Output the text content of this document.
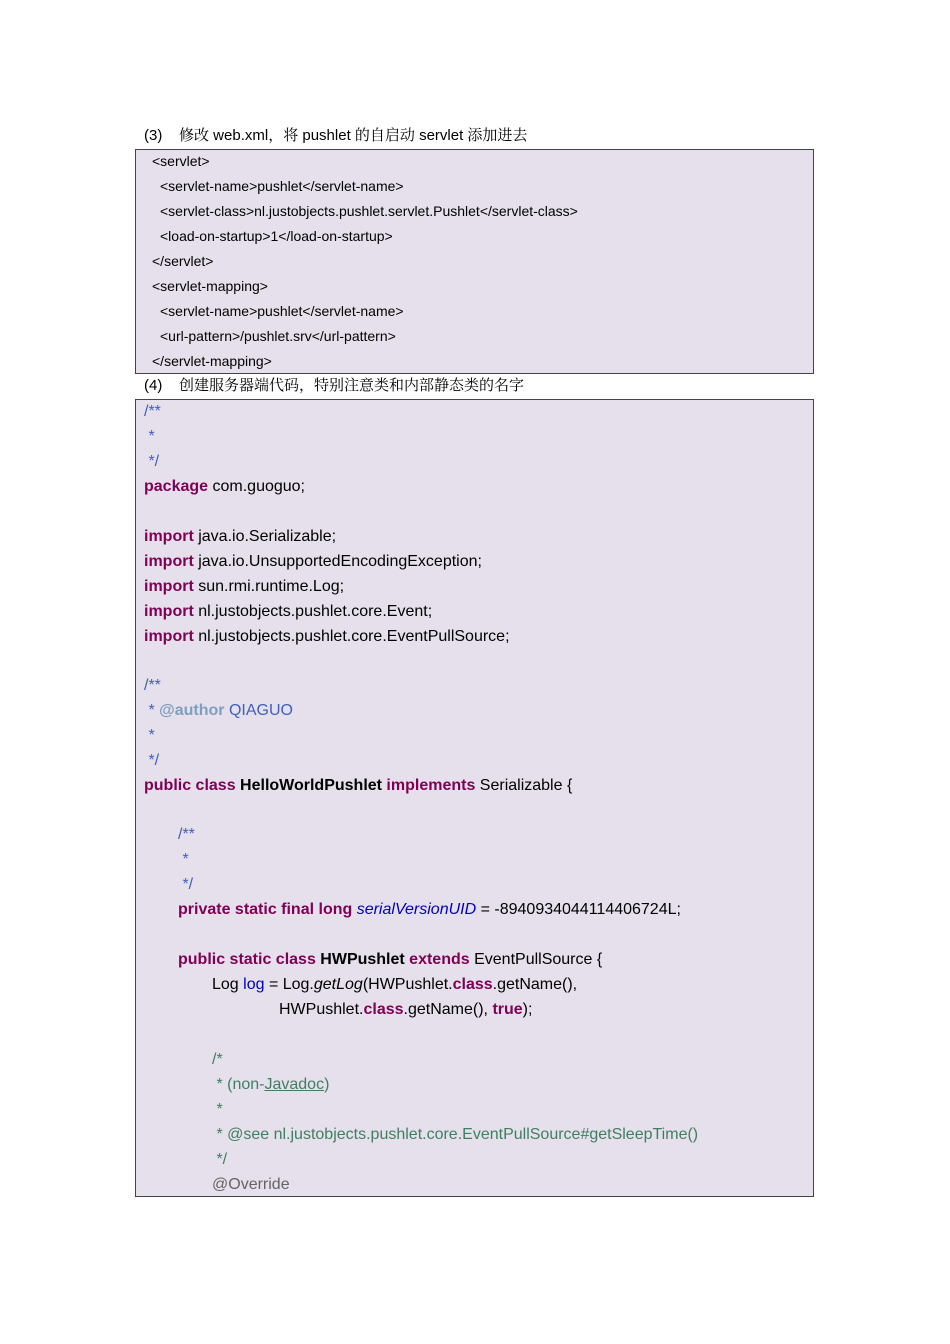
(3) 修改 web.xml，将 pushlet 的自启动 servlet 添加进去
<servlet>
<servlet-name>pushlet</servlet-name>
<servlet-class>nl.justobjects.pushlet.servlet.Pushlet</servlet-class>
<load-on-startup>1</load-on-startup>
</servlet>
<servlet-mapping>
<servlet-name>pushlet</servlet-name>
<url-pattern>/pushlet.srv</url-pattern>
</servlet-mapping>
(4) 创建服务器端代码，特别注意类和内部静态类的名字
/**
*
*/
package com.guoguo;
import java.io.Serializable;
import java.io.UnsupportedEncodingException;
import sun.rmi.runtime.Log;
import nl.justobjects.pushlet.core.Event;
import nl.justobjects.pushlet.core.EventPullSource;
/**
* @author QIAGUO
*
*/
public class HelloWorldPushlet implements Serializable {
/**
*
*/
private static final long serialVersionUID = -8940934044114406724L;
public static class HWPushlet extends EventPullSource {
Log log = Log.getLog(HWPushlet.class.getName(),
HWPushlet.class.getName(), true);
/*
* (non-Javadoc)
*
* @see nl.justobjects.pushlet.core.EventPullSource#getSleepTime()
*/
@Override
